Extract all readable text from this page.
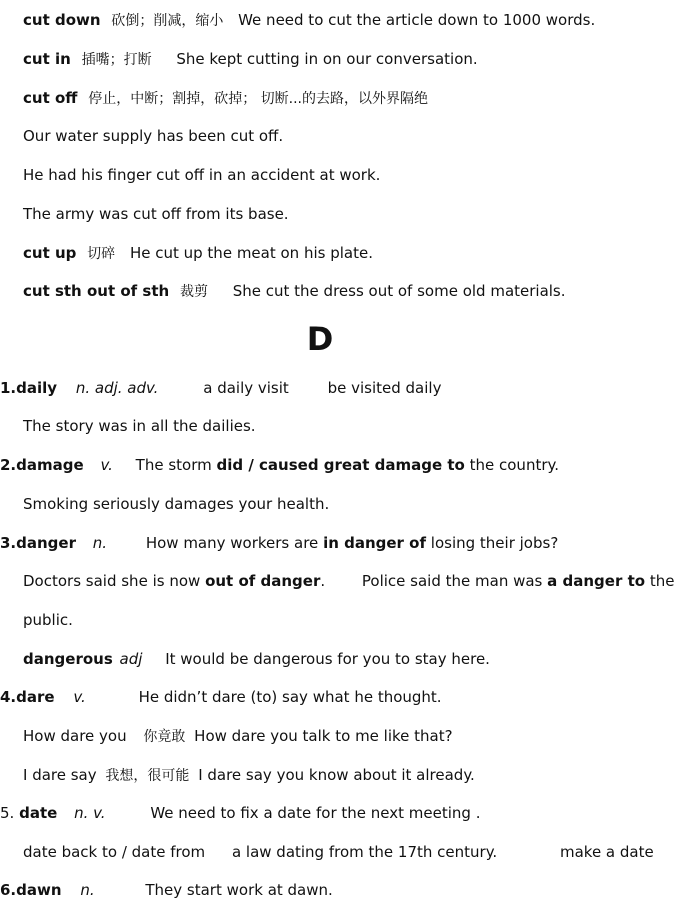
cut down 砍倒；削减，缩小 We need to cut the article down to 1000 words.
cut in 插嘴；打断 She kept cutting in on our conversation.
cut off 停止，中断；割掉，砍掉； 切断...的去路，以外界隔绝
Our water supply has been cut off.
He had his finger cut off in an accident at work.
The army was cut off from its base.
cut up 切碎 He cut up the meat on his plate.
cut sth out of sth 裁剪 She cut the dress out of some old materials.
D
1.daily n. adj. adv.	a daily visit	be visited daily
The story was in all the dailies.
2.damage v. The storm did / caused great damage to the country.
Smoking seriously damages your health.
3.danger n.	How many workers are in danger of losing their jobs?
Doctors said she is now out of danger. Police said the man was a danger to the
public.
dangerous adj It would be dangerous for you to stay here.
4.dare v.	He didn’t dare (to) say what he thought.
How dare you 你竟敢 How dare you talk to me like that?
I dare say 我想，很可能 I dare say you know about it already.
5. date n. v.	We need to fix a date for the next meeting .
date back to / date from a law dating from the 17th century.	make a date
6.dawn n.	They start work at dawn.
